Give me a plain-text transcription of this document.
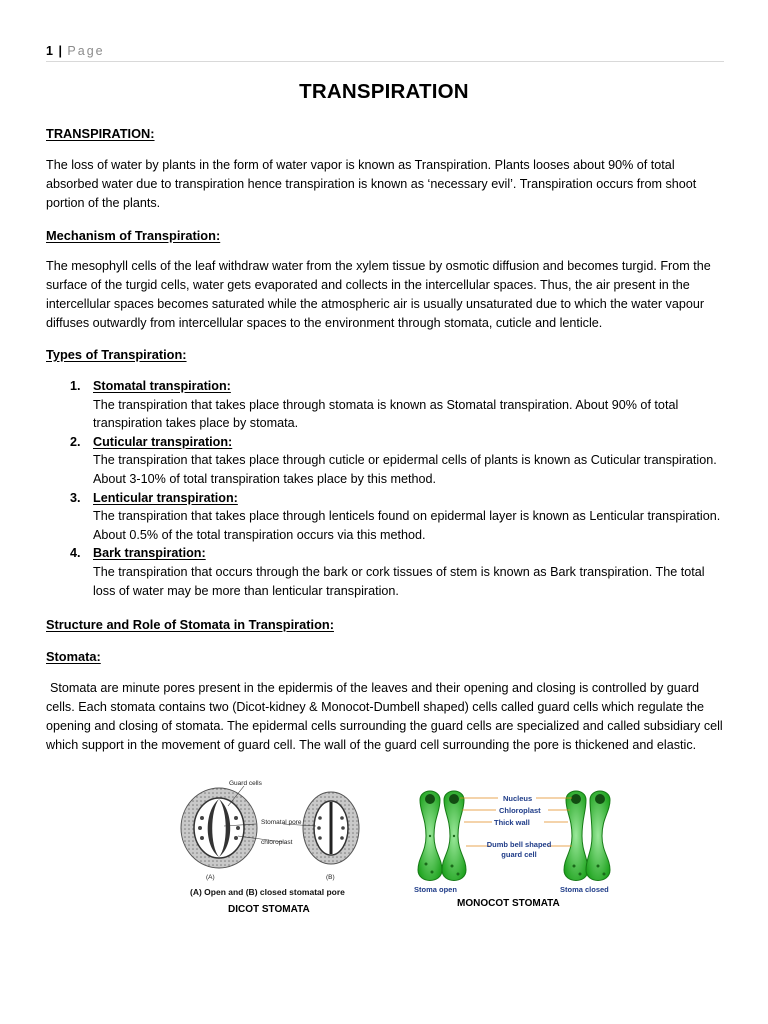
1 | Page
TRANSPIRATION
TRANSPIRATION:
The loss of water by plants in the form of water vapor is known as Transpiration. Plants looses about 90% of total absorbed water due to transpiration hence transpiration is known as ‘necessary evil’. Transpiration occurs from shoot portion of the plants.
Mechanism of Transpiration:
The mesophyll cells of the leaf withdraw water from the xylem tissue by osmotic diffusion and becomes turgid. From the surface of the turgid cells, water gets evaporated and collects in the intercellular spaces. Thus, the air present in the intercellular spaces becomes saturated while the atmospheric air is usually unsaturated due to which the water vapour diffuses outwardly from intercellular spaces to the environment through stomata, cuticle and lenticle.
Types of Transpiration:
1. Stomatal transpiration:
The transpiration that takes place through stomata is known as Stomatal transpiration. About 90% of total transpiration takes place by stomata.
2. Cuticular transpiration:
The transpiration that takes place through cuticle or epidermal cells of plants is known as Cuticular transpiration. About 3-10% of total transpiration takes place by this method.
3. Lenticular transpiration:
The transpiration that takes place through lenticels found on epidermal layer is known as Lenticular transpiration. About 0.5% of the total transpiration occurs via this method.
4. Bark transpiration:
The transpiration that occurs through the bark or cork tissues of stem is known as Bark transpiration. The total loss of water may be more than lenticular transpiration.
Structure and Role of Stomata in Transpiration:
Stomata:
Stomata are minute pores present in the epidermis of the leaves and their opening and closing is controlled by guard cells. Each stomata contains two (Dicot-kidney & Monocot-Dumbell shaped) cells called guard cells which regulate the opening and closing of stomata. The epidermal cells surrounding the guard cells are specialized and called subsidiary cell which support in the movement of guard cell. The wall of the guard cell surrounding the pore is thickened and elastic.
Guard cells
Stomatal pore
chloroplast
(A)	(B)
(A) Open and (B) closed stomatal pore
DICOT STOMATA
Nucleus
Chloroplast
Thick wall
Dumb bell shaped guard cell
Stoma open	Stoma closed
MONOCOT STOMATA
